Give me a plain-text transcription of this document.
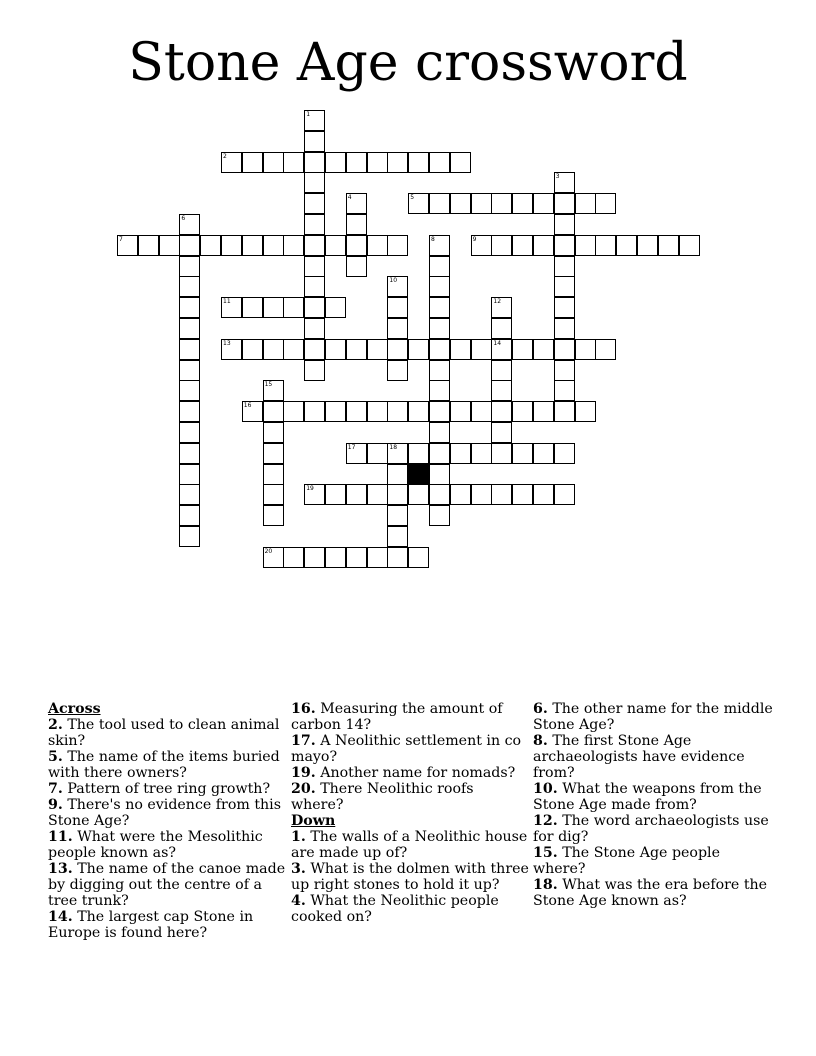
Stone Age crossword
1
2
3
4	5
6
7	8	9
10
11	12
14
13
15
16
17	18
19
20
Across
2. The tool used to clean animal skin?
5. The name of the items buried with there owners?
7. Pattern of tree ring growth?
9. There's no evidence from this Stone Age?
11. What were the Mesolithic people known as?
13. The name of the canoe made by digging out the centre of a tree trunk?
14. The largest cap Stone in Europe is found here?
16. Measuring the amount of carbon 14?
17. A Neolithic settlement in co mayo?
19. Another name for nomads?
20. There Neolithic roofs where?
Down
1. The walls of a Neolithic house are made up of?
3. What is the dolmen with three up right stones to hold it up?
4. What the Neolithic people cooked on?
6. The other name for the middle Stone Age?
8. The first Stone Age archaeologists have evidence from?
10. What the weapons from the Stone Age made from?
12. The word archaeologists use for dig?
15. The Stone Age people where?
18. What was the era before the Stone Age known as?
